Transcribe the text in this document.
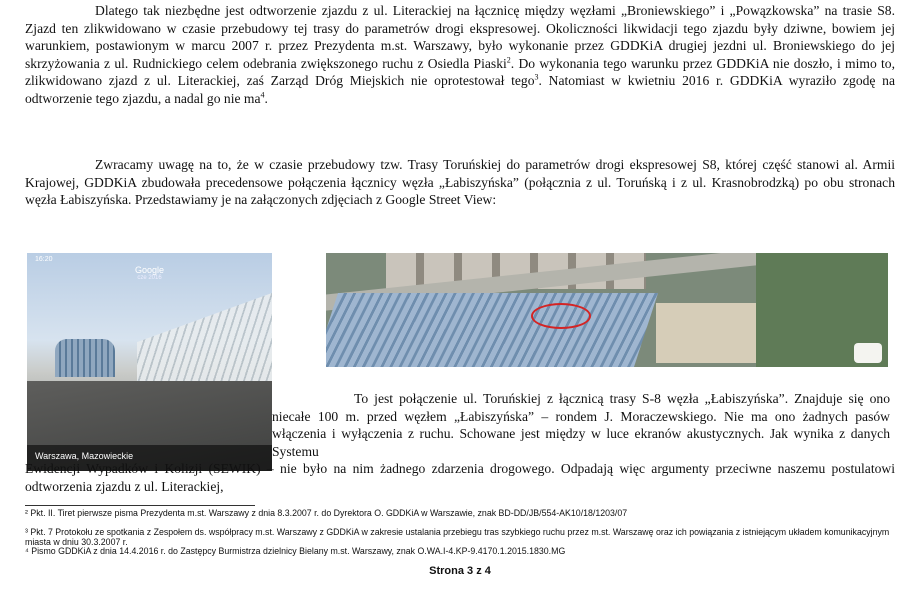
Dlatego tak niezbędne jest odtworzenie zjazdu z ul. Literackiej na łącznicę między węzłami „Broniewskiego” i „Powązkowska” na trasie S8. Zjazd ten zlikwidowano w czasie przebudowy tej trasy do parametrów drogi ekspresowej. Okoliczności likwidacji tego zjazdu były dziwne, bowiem jej warunkiem, postawionym w marcu 2007 r. przez Prezydenta m.st. Warszawy, było wykonanie przez GDDKiA drugiej jezdni ul. Broniewskiego do jej skrzyżowania z ul. Rudnickiego celem odebrania zwiększonego ruchu z Osiedla Piaski$^2$. Do wykonania tego warunku przez GDDKiA nie doszło, i mimo to, zlikwidowano zjazd z ul. Literackiej, zaś Zarząd Dróg Miejskich nie oprotestował tego$^3$. Natomiast w kwietniu 2016 r. GDDKiA wyraziło zgodę na odtworzenie tego zjazdu, a nadal go nie $ma^4$.

Zwracamy uwagę na to, że w czasie przebudowy tzw. Trasy Toruńskiej do parametrów drogi ekspresowej S8, której część stanowi al. Armii Krajowej, GDDKiA zbudowała precedensowe połączenia łącznicy węzła „Łabiszyńska” (połącznia z ul. Toruńską i z ul. Krasnobrodzką) po obu stronach węzła Łabiszyńska. Przedstawiamy je na załączonych zdjęciach z Google Street View:

16:20
Google
cze 2016
Warszawa, Mazowieckie

To jest połączenie ul. Toruńskiej z łącznicą trasy S-8 węzła „Łabiszyńska”. Znajduje się ono niecałe 100 m. przed węzłem „Łabiszyńska” – rondem J. Moraczewskiego. Nie ma ono żadnych pasów włączenia i wyłączenia z ruchu. Schowane jest między w luce ekranów akustycznych. Jak wynika z danych Systemu

Ewidencji Wypadków i Kolizji (SEWIK) – nie było na nim żadnego zdarzenia drogowego. Odpadają więc argumenty przeciwne naszemu postulatowi odtworzenia zjazdu z ul. Literackiej,

² Pkt. II. Tiret pierwsze pisma Prezydenta m.st. Warszawy z dnia 8.3.2007 r. do Dyrektora O. GDDKiA w Warszawie, znak BD-DD/JB/554-AK10/18/1203/07

³ Pkt. 7 Protokołu ze spotkania z Zespołem ds. współpracy m.st. Warszawy z GDDKiA w zakresie ustalania przebiegu tras szybkiego ruchu przez m.st. Warszawę oraz ich powiązania z istniejącym układem komunikacyjnym miasta w dniu 30.3.2007 r.

⁴ Pismo GDDKiA z dnia 14.4.2016 r. do Zastępcy Burmistrza dzielnicy Bielany m.st. Warszawy, znak O.WA.I-4.KP-9.4170.1.2015.1830.MG

Strona 3 z 4
